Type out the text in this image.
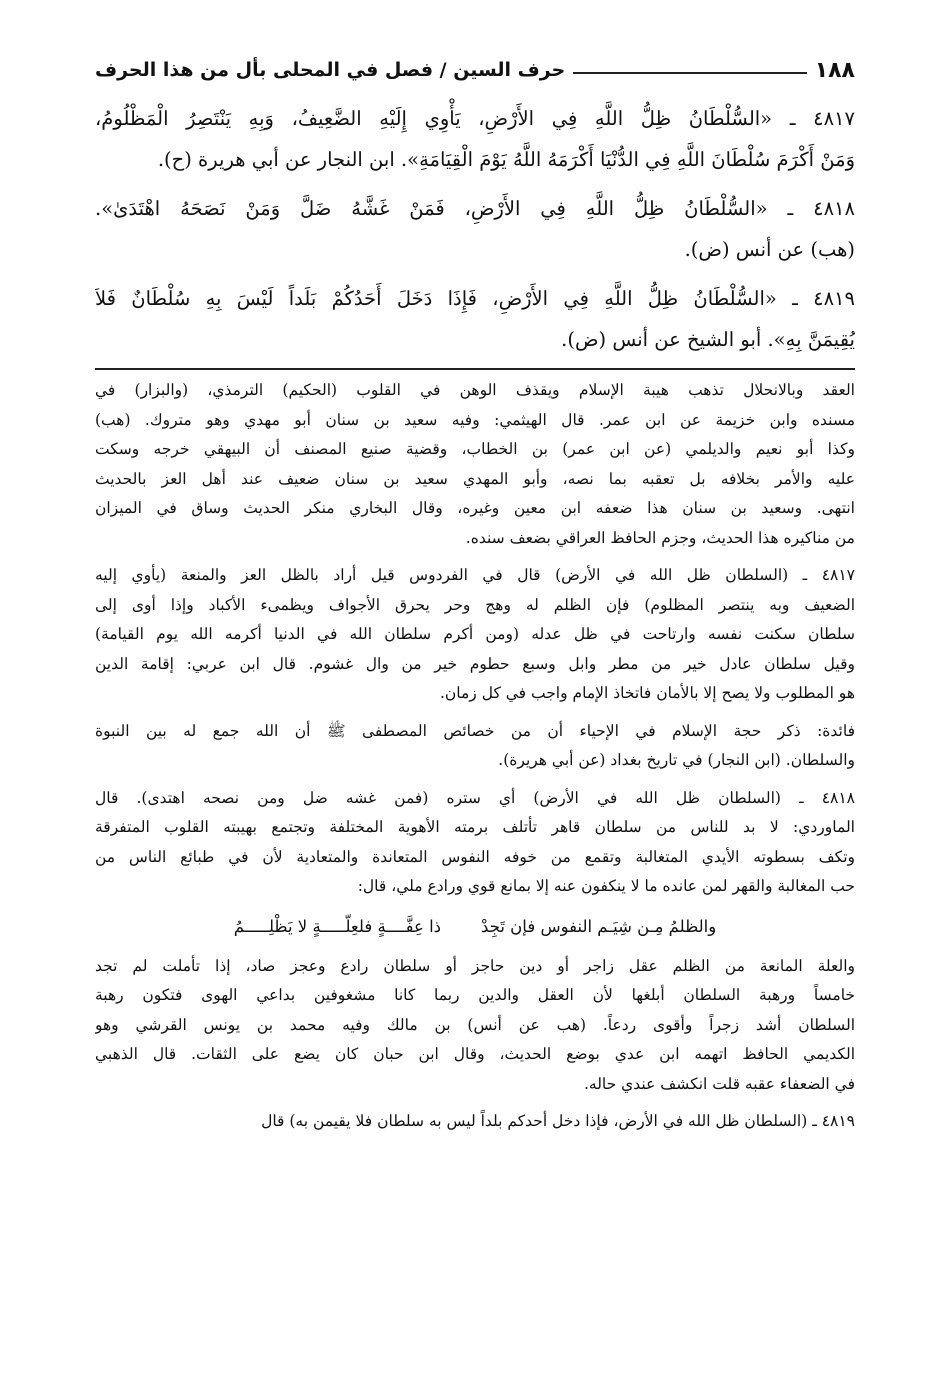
١٨٨
حرف السين / فصل في المحلى بأل من هذا الحرف
٤٨١٧ ـ «السُّلْطَانُ ظِلُّ اللَّهِ فِي الأَرْضِ، يَأْوِي إِلَيْهِ الضَّعِيفُ، وَبِهِ يَنْتَصِرُ الْمَظْلُومُ،
وَمَنْ أَكْرَمَ سُلْطَانَ اللَّهِ فِي الدُّنْيَا أَكْرَمَهُ اللَّهُ يَوْمَ الْقِيَامَةِ». ابن النجار عن أبي هريرة (ح).
٤٨١٨ ـ «السُّلْطَانُ ظِلُّ اللَّهِ فِي الأَرْضِ، فَمَنْ غَشَّهُ ضَلَّ وَمَنْ نَصَحَهُ اهْتَدَىٰ».
(هب) عن أنس (ض).
٤٨١٩ ـ «السُّلْطَانُ ظِلُّ اللَّهِ فِي الأَرْضِ، فَإِذَا دَخَلَ أَحَدُكُمْ بَلَداً لَيْسَ بِهِ سُلْطَانٌ فَلاَ
يُقِيمَنَّ بِهِ». أبو الشيخ عن أنس (ض).
العقد وبالانحلال تذهب هيبة الإسلام ويقذف الوهن في القلوب (الحكيم) الترمذي، (والبزار) في
مسنده وابن خزيمة عن ابن عمر. قال الهيثمي: وفيه سعيد بن سنان أبو مهدي وهو متروك. (هب)
وكذا أبو نعيم والديلمي (عن ابن عمر) بن الخطاب، وقضية صنيع المصنف أن البيهقي خرجه وسكت
عليه والأمر بخلافه بل تعقبه بما نصه، وأبو المهدي سعيد بن سنان ضعيف عند أهل العز بالحديث
انتهى. وسعيد بن سنان هذا ضعفه ابن معين وغيره، وقال البخاري منكر الحديث وساق في الميزان
من مناكيره هذا الحديث، وجزم الحافظ العراقي بضعف سنده.
٤٨١٧ ـ (السلطان ظل الله في الأرض) قال في الفردوس قيل أراد بالظل العز والمنعة (يأوي إليه
الضعيف وبه ينتصر المظلوم) فإن الظلم له وهج وحر يحرق الأجواف ويظمىء الأكباد وإذا أوى إلى
سلطان سكنت نفسه وارتاحت في ظل عدله (ومن أكرم سلطان الله في الدنيا أكرمه الله يوم القيامة)
وقيل سلطان عادل خير من مطر وابل وسبع حطوم خير من وال غشوم. قال ابن عربي: إقامة الدين
هو المطلوب ولا يصح إلا بالأمان فاتخاذ الإمام واجب في كل زمان.
فائدة: ذكر حجة الإسلام في الإحياء أن من خصائص المصطفى ﷺ أن الله جمع له بين النبوة
والسلطان. (ابن النجار) في تاريخ بغداد (عن أبي هريرة).
٤٨١٨ ـ (السلطان ظل الله في الأرض) أي ستره (فمن غشه ضل ومن نصحه اهتدى). قال
الماوردي: لا بد للناس من سلطان قاهر تأتلف برمته الأهوية المختلفة وتجتمع بهيبته القلوب المتفرقة
وتكف بسطوته الأيدي المتغالبة وتقمع من خوفه النفوس المتعاندة والمتعادية لأن في طبائع الناس من
حب المغالبة والقهر لمن عانده ما لا ينكفون عنه إلا بمانع قوي ورادع ملي، قال:
والظلمُ مِـن شِيَـم النفوس فإن تَجِدْ
ذا عِفَّــــةٍ فلعِلّـــــةٍ لا يَظْلِـــــمُ
والعلة المانعة من الظلم عقل زاجر أو دين حاجز أو سلطان رادع وعجز صاد، إذا تأملت لم تجد
خامساً ورهبة السلطان أبلغها لأن العقل والدين ربما كانا مشغوفين بداعي الهوى فتكون رهبة
السلطان أشد زجراً وأقوى ردعاً. (هب عن أنس) بن مالك وفيه محمد بن يونس القرشي وهو
الكديمي الحافظ اتهمه ابن عدي بوضع الحديث، وقال ابن حبان كان يضع على الثقات. قال الذهبي
في الضعفاء عقبه قلت انكشف عندي حاله.
٤٨١٩ ـ (السلطان ظل الله في الأرض، فإذا دخل أحدكم بلداً ليس به سلطان فلا يقيمن به) قال
